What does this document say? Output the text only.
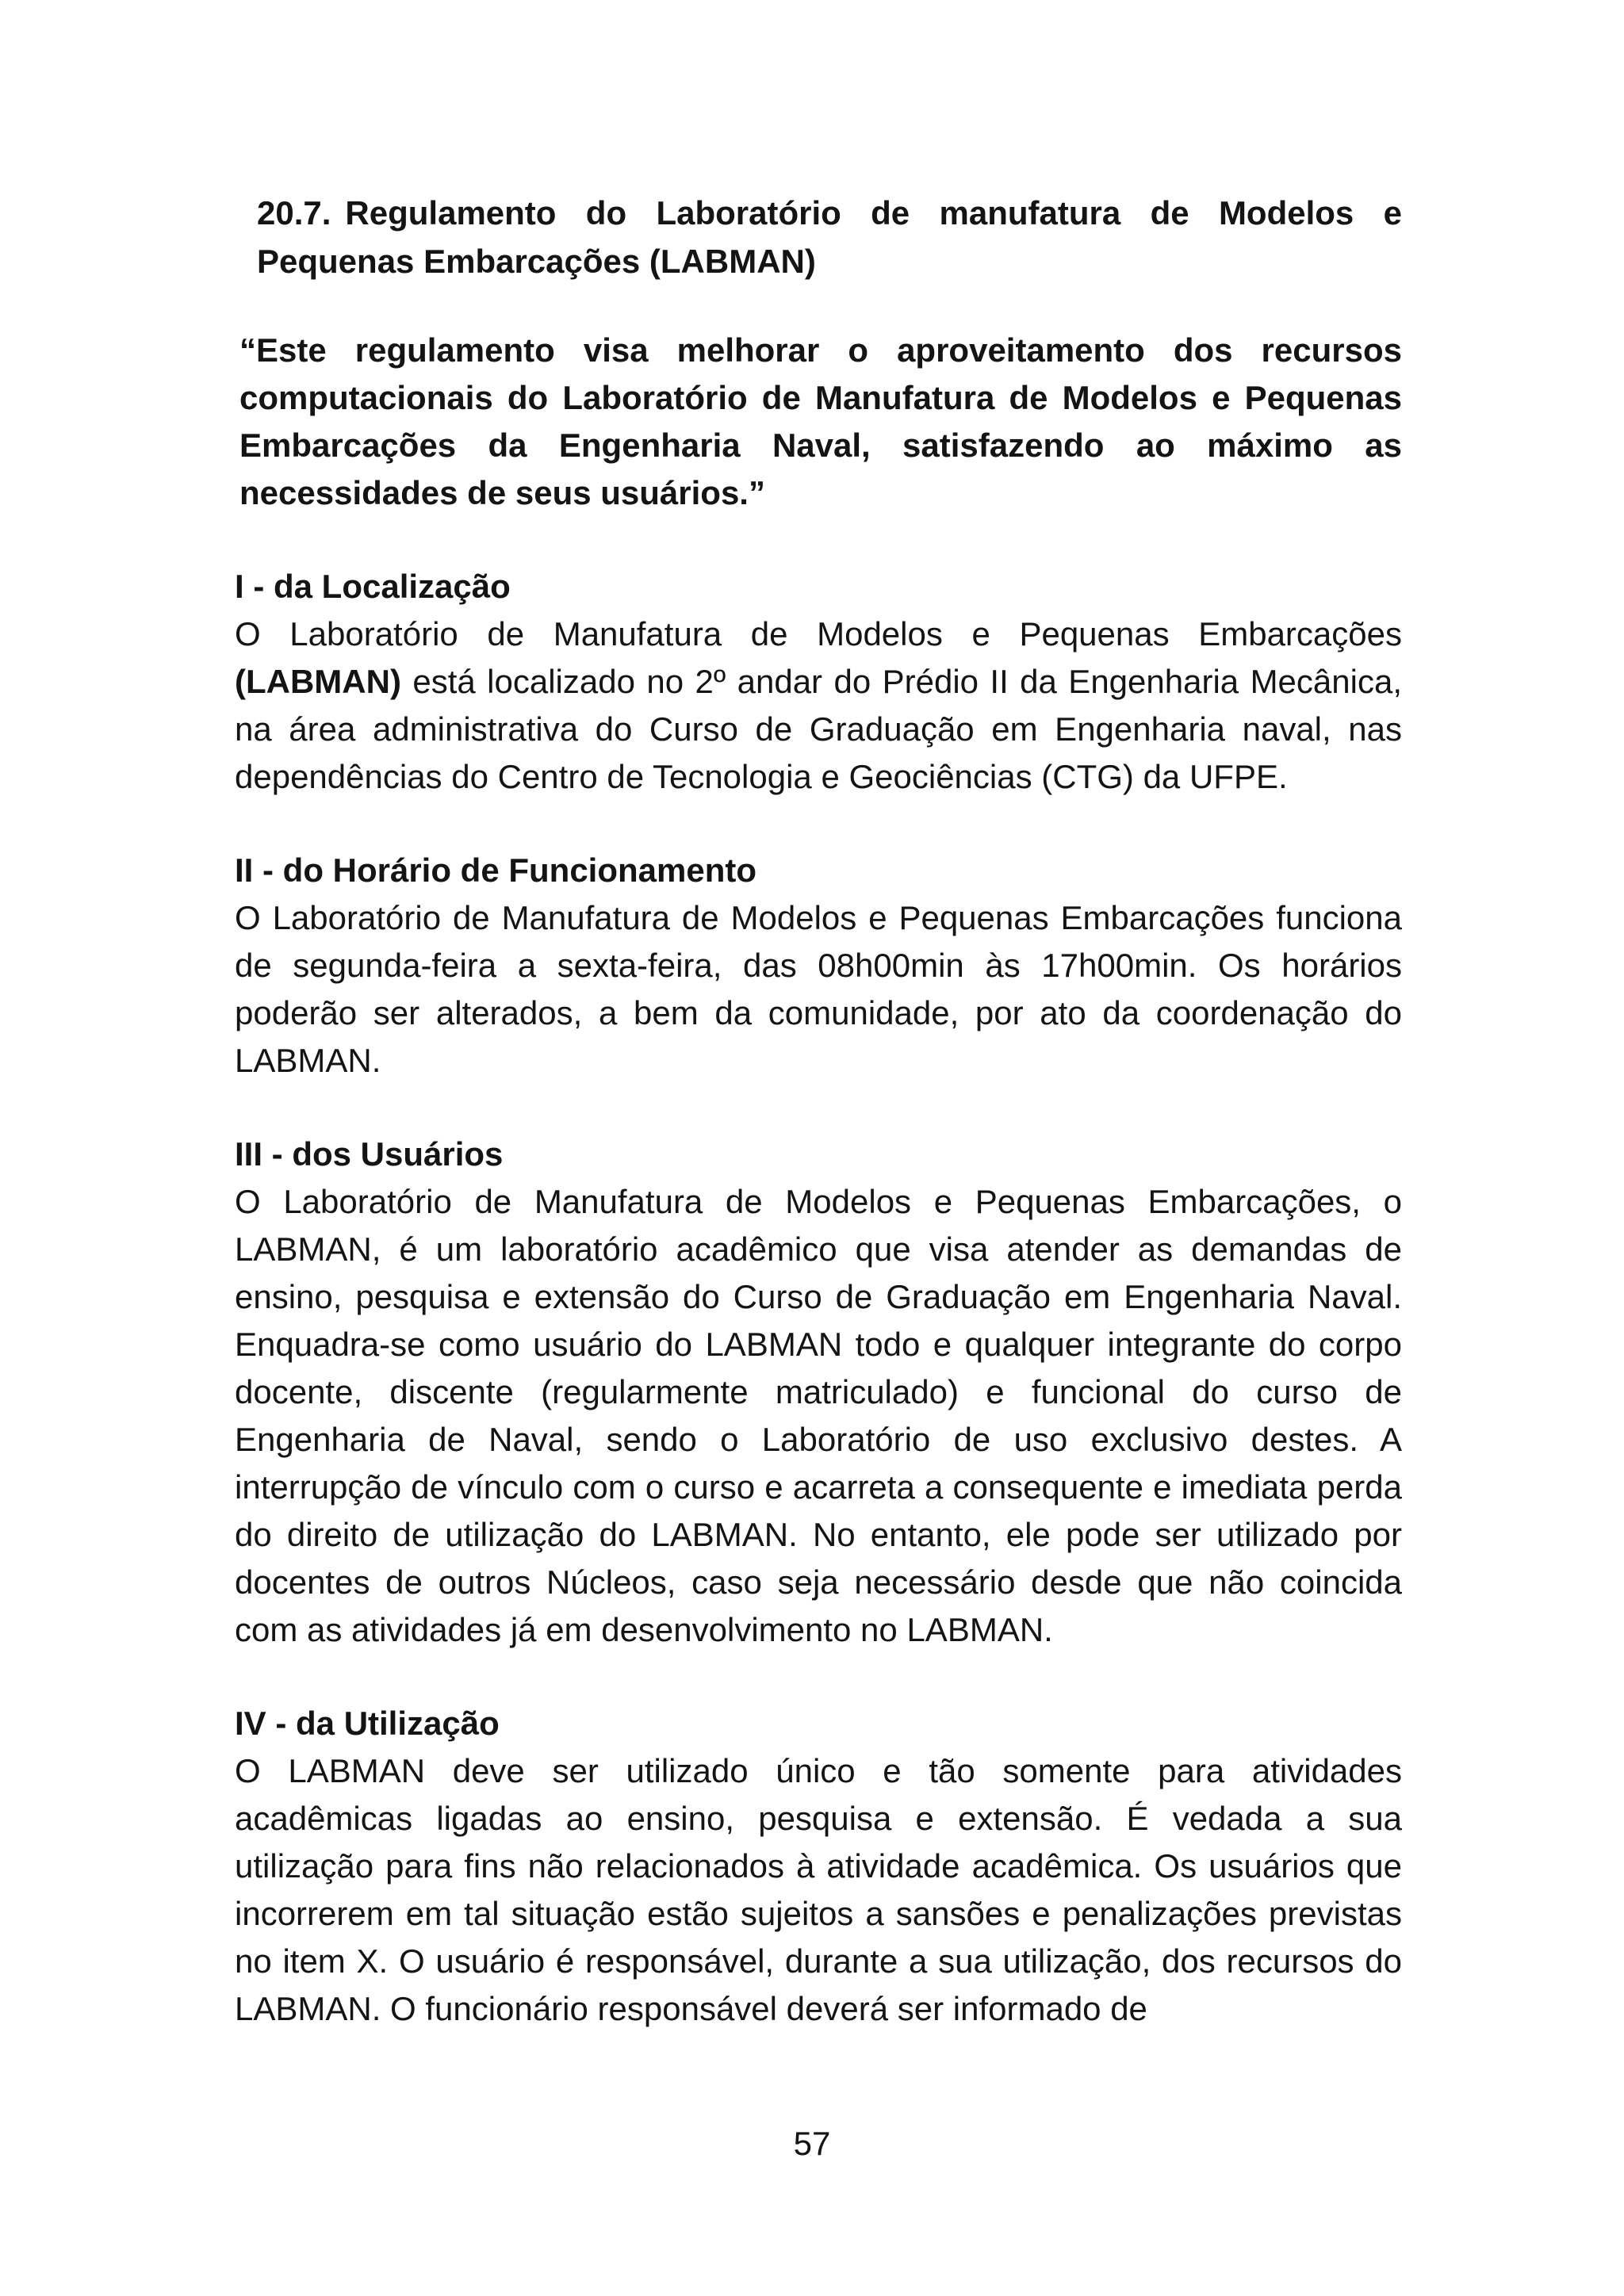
20.7. Regulamento do Laboratório de manufatura de Modelos e Pequenas Embarcações (LABMAN)

“Este regulamento visa melhorar o aproveitamento dos recursos computacionais do Laboratório de Manufatura de Modelos e Pequenas Embarcações da Engenharia Naval, satisfazendo ao máximo as necessidades de seus usuários.”

I - da Localização

O Laboratório de Manufatura de Modelos e Pequenas Embarcações (LABMAN) está localizado no 2º andar do Prédio II da Engenharia Mecânica, na área administrativa do Curso de Graduação em Engenharia naval, nas dependências do Centro de Tecnologia e Geociências (CTG) da UFPE.

II - do Horário de Funcionamento

O Laboratório de Manufatura de Modelos e Pequenas Embarcações funciona de segunda-feira a sexta-feira, das 08h00min às 17h00min. Os horários poderão ser alterados, a bem da comunidade, por ato da coordenação do LABMAN.

III - dos Usuários

O Laboratório de Manufatura de Modelos e Pequenas Embarcações, o LABMAN, é um laboratório acadêmico que visa atender as demandas de ensino, pesquisa e extensão do Curso de Graduação em Engenharia Naval. Enquadra-se como usuário do LABMAN todo e qualquer integrante do corpo docente, discente (regularmente matriculado) e funcional do curso de Engenharia de Naval, sendo o Laboratório de uso exclusivo destes. A interrupção de vínculo com o curso e acarreta a consequente e imediata perda do direito de utilização do LABMAN. No entanto, ele pode ser utilizado por docentes de outros Núcleos, caso seja necessário desde que não coincida com as atividades já em desenvolvimento no LABMAN.

IV - da Utilização

O LABMAN deve ser utilizado único e tão somente para atividades acadêmicas ligadas ao ensino, pesquisa e extensão. É vedada a sua utilização para fins não relacionados à atividade acadêmica. Os usuários que incorrerem em tal situação estão sujeitos a sansões e penalizações previstas no item X. O usuário é responsável, durante a sua utilização, dos recursos do LABMAN. O funcionário responsável deverá ser informado de

57
